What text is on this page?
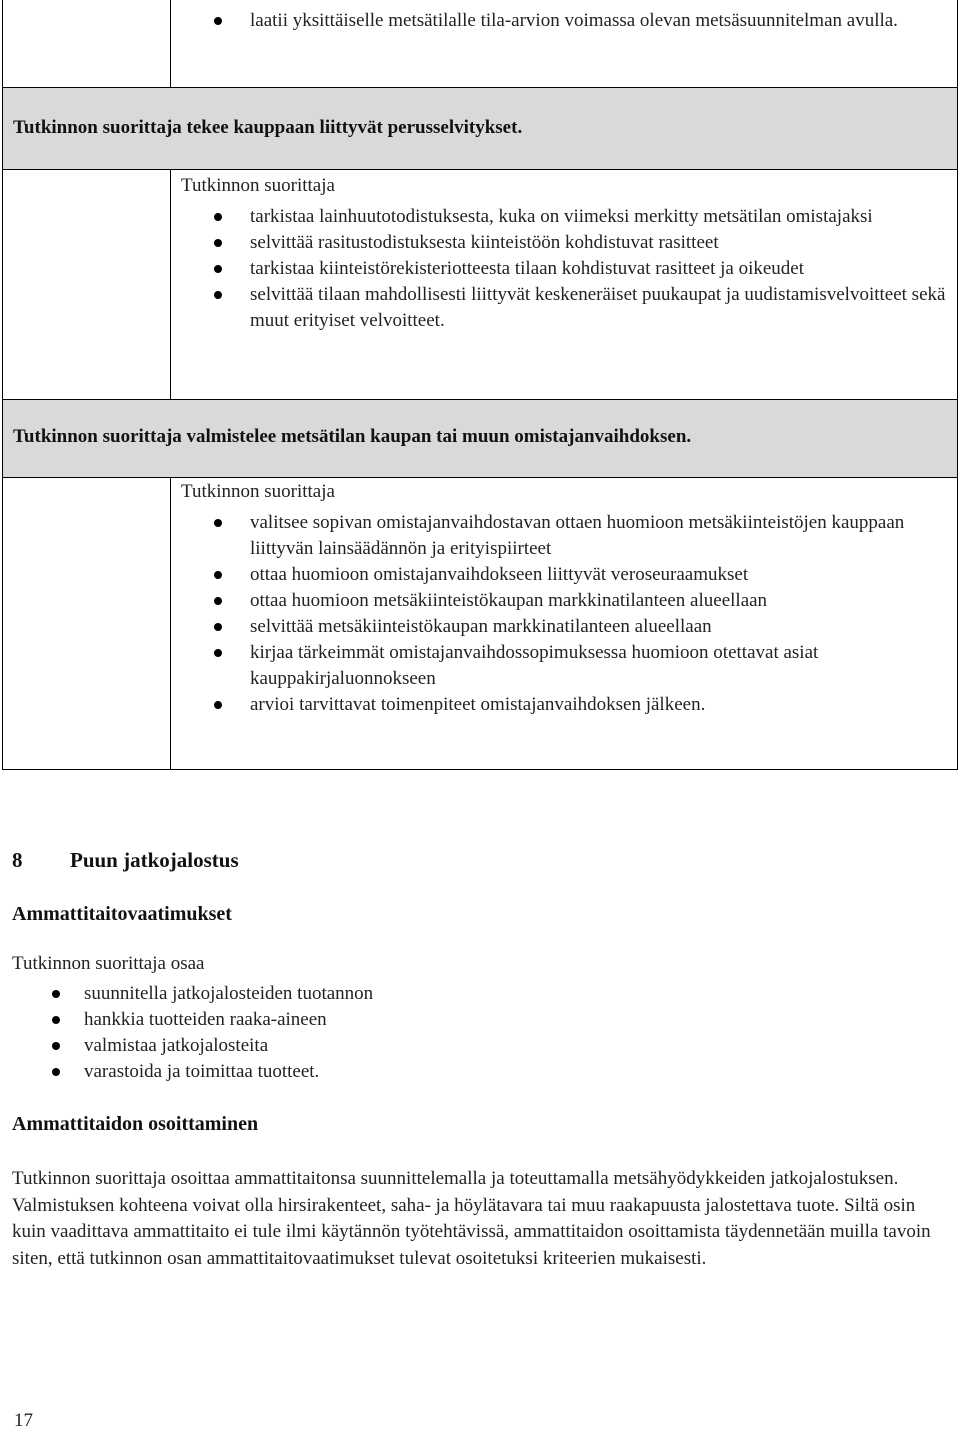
laatii yksittäiselle metsätilalle tila-arvion voimassa olevan metsäsuunnitelman avulla.

Tutkinnon suorittaja tekee kauppaan liittyvät perusselvitykset.

Tutkinnon suorittaja
tarkistaa lainhuutotodistuksesta, kuka on viimeksi merkitty metsätilan omistajaksi
selvittää rasitustodistuksesta kiinteistöön kohdistuvat rasitteet
tarkistaa kiinteistörekisteriotteesta tilaan kohdistuvat rasitteet ja oikeudet
selvittää tilaan mahdollisesti liittyvät keskeneräiset puukaupat ja uudistamisvelvoitteet sekä muut erityiset velvoitteet.

Tutkinnon suorittaja valmistelee metsätilan kaupan tai muun omistajanvaihdoksen.

Tutkinnon suorittaja
valitsee sopivan omistajanvaihdostavan ottaen huomioon metsäkiinteistöjen kauppaan liittyvän lainsäädännön ja erityispiirteet
ottaa huomioon omistajanvaihdokseen liittyvät veroseuraamukset
ottaa huomioon metsäkiinteistökaupan markkinatilanteen alueellaan
selvittää metsäkiinteistökaupan markkinatilanteen alueellaan
kirjaa tärkeimmät omistajanvaihdossopimuksessa huomioon otettavat asiat kauppakirjaluonnokseen
arvioi tarvittavat toimenpiteet omistajanvaihdoksen jälkeen.
8	Puun jatkojalostus
Ammattitaitovaatimukset

Tutkinnon suorittaja osaa

suunnitella jatkojalosteiden tuotannon
hankkia tuotteiden raaka-aineen
valmistaa jatkojalosteita
varastoida ja toimittaa tuotteet.
Ammattitaidon osoittaminen

Tutkinnon suorittaja osoittaa ammattitaitonsa suunnittelemalla ja toteuttamalla metsähyödykkeiden jatkojalostuksen. Valmistuksen kohteena voivat olla hirsirakenteet, saha- ja höylätavara tai muu raakapuusta jalostettava tuote. Siltä osin kuin vaadittava ammattitaito ei tule ilmi käytännön työtehtävissä, ammattitaidon osoittamista täydennetään muilla tavoin siten, että tutkinnon osan ammattitaitovaatimukset tulevat osoitetuksi kriteerien mukaisesti.

17
